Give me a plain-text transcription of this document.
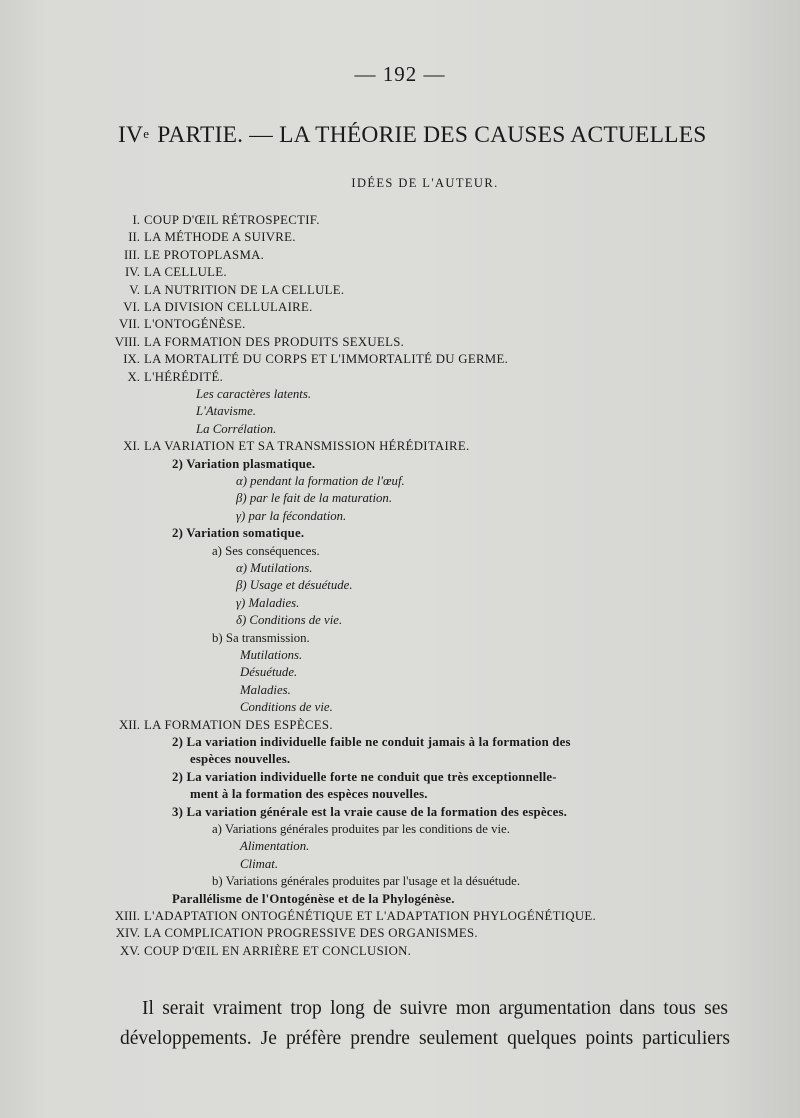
— 192 —
IVe PARTIE. — LA THÉORIE DES CAUSES ACTUELLES
IDÉES DE L'AUTEUR.
I. COUP D'ŒIL RÉTROSPECTIF.
II. LA MÉTHODE A SUIVRE.
III. LE PROTOPLASMA.
IV. LA CELLULE.
V. LA NUTRITION DE LA CELLULE.
VI. LA DIVISION CELLULAIRE.
VII. L'ONTOGÉNÈSE.
VIII. LA FORMATION DES PRODUITS SEXUELS.
IX. LA MORTALITÉ DU CORPS ET L'IMMORTALITÉ DU GERME.
X. L'HÉRÉDITÉ.
Les caractères latents.
L'Atavisme.
La Corrélation.
XI. LA VARIATION ET SA TRANSMISSION HÉRÉDITAIRE.
2) Variation plasmatique.
α) pendant la formation de l'œuf.
β) par le fait de la maturation.
γ) par la fécondation.
2) Variation somatique.
a) Ses conséquences.
α) Mutilations.
β) Usage et désuétude.
γ) Maladies.
δ) Conditions de vie.
b) Sa transmission.
Mutilations.
Désuétude.
Maladies.
Conditions de vie.
XII. LA FORMATION DES ESPÈCES.
2) La variation individuelle faible ne conduit jamais à la formation des
espèces nouvelles.
2) La variation individuelle forte ne conduit que très exceptionnelle-
ment à la formation des espèces nouvelles.
3) La variation générale est la vraie cause de la formation des espèces.
a) Variations générales produites par les conditions de vie.
Alimentation.
Climat.
b) Variations générales produites par l'usage et la désuétude.
Parallélisme de l'Ontogénèse et de la Phylogénèse.
XIII. L'ADAPTATION ONTOGÉNÉTIQUE ET L'ADAPTATION PHYLOGÉNÉTIQUE.
XIV. LA COMPLICATION PROGRESSIVE DES ORGANISMES.
XV. COUP D'ŒIL EN ARRIÈRE ET CONCLUSION.
Il serait vraiment trop long de suivre mon argumentation dans tous ses
développements. Je préfère prendre seulement quelques points particuliers
